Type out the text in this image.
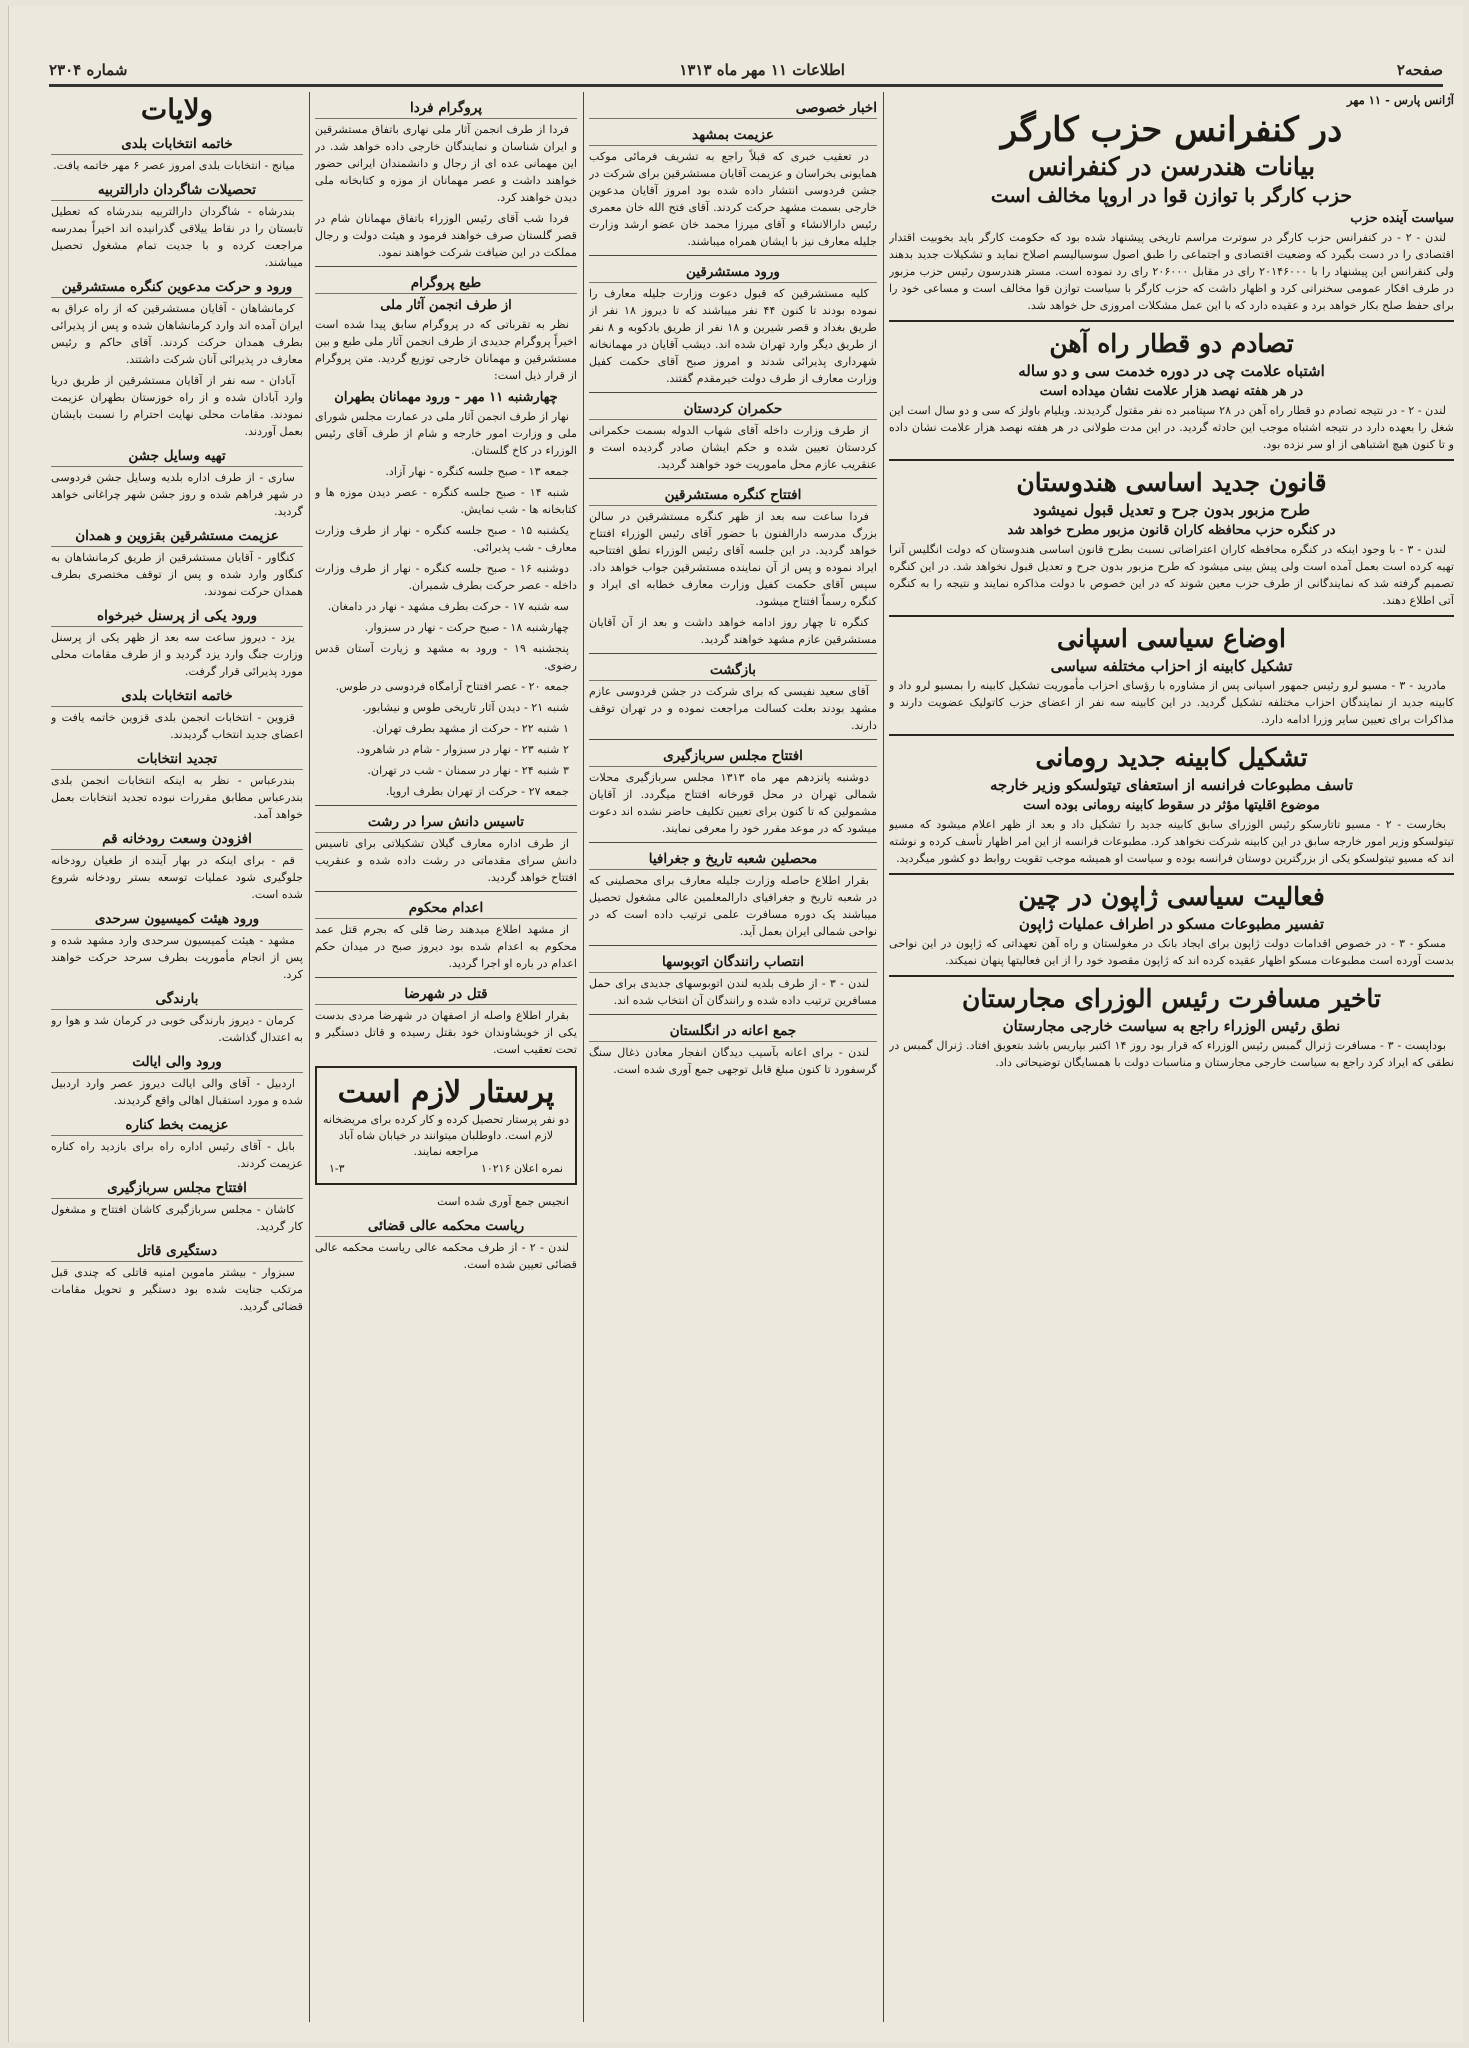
صفحه۲
اطلاعات ۱۱ مهر ماه ۱۳۱۳
شماره ۲۳۰۴
آژانس پارس - ۱۱ مهر
در کنفرانس حزب کارگر
بیانات هندرسن در کنفرانس
حزب کارگر با توازن قوا در اروپا مخالف است
سیاست آینده حزب

لندن - ۲ - در کنفرانس حزب کارگر در سوترت مراسم تاریخی پیشنهاد شده بود که حکومت کارگر باید بخوبیت اقتدار اقتصادی را در دست بگیرد که وضعیت اقتصادی و اجتماعی را طبق اصول سوسیالیسم اصلاح نماید و تشکیلات جدید بدهند ولی کنفرانس این پیشنهاد را با ۲۰۱۴۶۰۰۰ رای در مقابل ۲۰۶۰۰۰ رای رد نموده است. مستر هندرسون رئیس حزب مزبور در طرف افکار عمومی سخنرانی کرد و اظهار داشت که حزب کارگر با سیاست توازن قوا مخالف است و مساعی خود را برای حفظ صلح بکار خواهد برد و عقیده دارد که با این عمل مشکلات امروزی حل خواهد شد.

تصادم دو قطار راه آهن
اشتباه علامت چی در دوره خدمت سی و دو ساله
در هر هفته نهصد هزار علامت نشان میداده است

لندن - ۲ - در نتیجه تصادم دو قطار راه آهن در ۲۸ سپتامبر ده نفر مقتول گردیدند. ویلیام باولز که سی و دو سال است این شغل را بعهده دارد در نتیجه اشتباه موجب این حادثه گردید. در این مدت طولانی در هر هفته نهصد هزار علامت نشان داده و تا کنون هیچ اشتباهی از او سر نزده بود.

قانون جدید اساسی هندوستان
طرح مزبور بدون جرح و تعدیل قبول نمیشود
در کنگره حزب محافظه کاران قانون مزبور مطرح خواهد شد

لندن - ۳ - با وجود اینکه در کنگره محافظه کاران اعتراضاتی نسبت بطرح قانون اساسی هندوستان که دولت انگلیس آنرا تهیه کرده است بعمل آمده است ولی پیش بینی میشود که طرح مزبور بدون جرح و تعدیل قبول نخواهد شد. در این کنگره تصمیم گرفته شد که نمایندگانی از طرف حزب معین شوند که در این خصوص با دولت مذاکره نمایند و نتیجه را به کنگره آتی اطلاع دهند.

اوضاع سیاسی اسپانی
تشکیل کابینه از احزاب مختلفه سیاسی

مادرید - ۳ - مسیو لرو رئیس جمهور اسپانی پس از مشاوره با رؤسای احزاب مأموریت تشکیل کابینه را بمسیو لرو داد و کابینه جدید از نمایندگان احزاب مختلفه تشکیل گردید. در این کابینه سه نفر از اعضای حزب کاتولیک عضویت دارند و مذاکرات برای تعیین سایر وزرا ادامه دارد.

تشکیل کابینه جدید رومانی
تاسف مطبوعات فرانسه از استعفای تیتولسکو وزیر خارجه
موضوع اقلیتها مؤثر در سقوط کابینه رومانی بوده است

بخارست - ۲ - مسیو تاتارسکو رئیس الوزرای سابق کابینه جدید را تشکیل داد و بعد از ظهر اعلام میشود که مسیو تیتولسکو وزیر امور خارجه سابق در این کابینه شرکت نخواهد کرد. مطبوعات فرانسه از این امر اظهار تأسف کرده و نوشته اند که مسیو تیتولسکو یکی از بزرگترین دوستان فرانسه بوده و سیاست او همیشه موجب تقویت روابط دو کشور میگردید.

فعالیت سیاسی ژاپون در چین
تفسیر مطبوعات مسکو در اطراف عملیات ژاپون

مسکو - ۳ - در خصوص اقدامات دولت ژاپون برای ایجاد بانک در مغولستان و راه آهن تعهداتی که ژاپون در این نواحی بدست آورده است مطبوعات مسکو اظهار عقیده کرده اند که ژاپون مقصود خود را از این فعالیتها پنهان نمیکند.

تاخیر مسافرت رئیس الوزرای مجارستان
نطق رئیس الوزراء راجع به سیاست خارجی مجارستان

بوداپست - ۳ - مسافرت ژنرال گمبس رئیس الوزراء که قرار بود روز ۱۴ اکتبر بپاریس باشد بتعویق افتاد. ژنرال گمبس در نطقی که ایراد کرد راجع به سیاست خارجی مجارستان و مناسبات دولت با همسایگان توضیحاتی داد.

اخبار خصوصی
عزیمت بمشهد

در تعقیب خبری که قبلاً راجع به تشریف فرمائی موکب همایونی بخراسان و عزیمت آقایان مستشرقین برای شرکت در جشن فردوسی انتشار داده شده بود امروز آقایان مدعوین خارجی بسمت مشهد حرکت کردند. آقای فتح الله خان معمری رئیس دارالانشاء و آقای میرزا محمد خان عضو ارشد وزارت جلیله معارف نیز با ایشان همراه میباشند.

ورود مستشرقین

کلیه مستشرقین که قبول دعوت وزارت جلیله معارف را نموده بودند تا کنون ۴۴ نفر میباشند که تا دیروز ۱۸ نفر از طریق بغداد و قصر شیرین و ۱۸ نفر از طریق بادکوبه و ۸ نفر از طریق دیگر وارد تهران شده اند. دیشب آقایان در مهمانخانه شهرداری پذیرائی شدند و امروز صبح آقای حکمت کفیل وزارت معارف از طرف دولت خیرمقدم گفتند.

حکمران کردستان

از طرف وزارت داخله آقای شهاب الدوله بسمت حکمرانی کردستان تعیین شده و حکم ایشان صادر گردیده است و عنقریب عازم محل ماموریت خود خواهند گردید.

افتتاح کنگره مستشرقین

فردا ساعت سه بعد از ظهر کنگره مستشرقین در سالن بزرگ مدرسه دارالفنون با حضور آقای رئیس الوزراء افتتاح خواهد گردید. در این جلسه آقای رئیس الوزراء نطق افتتاحیه ایراد نموده و پس از آن نماینده مستشرقین جواب خواهد داد. سپس آقای حکمت کفیل وزارت معارف خطابه ای ایراد و کنگره رسماً افتتاح میشود.

کنگره تا چهار روز ادامه خواهد داشت و بعد از آن آقایان مستشرقین عازم مشهد خواهند گردید.

بازگشت

آقای سعید نفیسی که برای شرکت در جشن فردوسی عازم مشهد بودند بعلت کسالت مراجعت نموده و در تهران توقف دارند.

افتتاح مجلس سربازگیری

دوشنبه پانزدهم مهر ماه ۱۳۱۳ مجلس سربازگیری محلات شمالی تهران در محل قورخانه افتتاح میگردد. از آقایان مشمولین که تا کنون برای تعیین تکلیف حاضر نشده اند دعوت میشود که در موعد مقرر خود را معرفی نمایند.

محصلین شعبه تاریخ و جغرافیا

بقرار اطلاع حاصله وزارت جلیله معارف برای محصلینی که در شعبه تاریخ و جغرافیای دارالمعلمین عالی مشغول تحصیل میباشند یک دوره مسافرت علمی ترتیب داده است که در نواحی شمالی ایران بعمل آید.

انتصاب رانندگان اتوبوسها

لندن - ۳ - از طرف بلدیه لندن اتوبوسهای جدیدی برای حمل مسافرین ترتیب داده شده و رانندگان آن انتخاب شده اند.

جمع اعانه در انگلستان

لندن - برای اعانه بآسیب دیدگان انفجار معادن ذغال سنگ گرسفورد تا کنون مبلغ قابل توجهی جمع آوری شده است.

پروگرام فردا

فردا از طرف انجمن آثار ملی نهاری باتفاق مستشرقین و ایران شناسان و نمایندگان خارجی داده خواهد شد. در این مهمانی عده ای از رجال و دانشمندان ایرانی حضور خواهند داشت و عصر مهمانان از موزه و کتابخانه ملی دیدن خواهند کرد.

فردا شب آقای رئیس الوزراء باتفاق مهمانان شام در قصر گلستان صرف خواهند فرمود و هیئت دولت و رجال مملکت در این ضیافت شرکت خواهند نمود.

طبع پروگرام
از طرف انجمن آثار ملی

نظر به تقرباتی که در پروگرام سابق پیدا شده است اخیراً پروگرام جدیدی از طرف انجمن آثار ملی طبع و بین مستشرقین و مهمانان خارجی توزیع گردید. متن پروگرام از قرار ذیل است:

چهارشنبه ۱۱ مهر - ورود مهمانان بطهران

نهار از طرف انجمن آثار ملی در عمارت مجلس شورای ملی و وزارت امور خارجه و شام از طرف آقای رئیس الوزراء در کاخ گلستان.

جمعه ۱۳ - صبح جلسه کنگره - نهار آزاد.

شنبه ۱۴ - صبح جلسه کنگره - عصر دیدن موزه ها و کتابخانه ها - شب نمایش.

یکشنبه ۱۵ - صبح جلسه کنگره - نهار از طرف وزارت معارف - شب پذیرائی.

دوشنبه ۱۶ - صبح جلسه کنگره - نهار از طرف وزارت داخله - عصر حرکت بطرف شمیران.

سه شنبه ۱۷ - حرکت بطرف مشهد - نهار در دامغان.

چهارشنبه ۱۸ - صبح حرکت - نهار در سبزوار.

پنجشنبه ۱۹ - ورود به مشهد و زیارت آستان قدس رضوی.

جمعه ۲۰ - عصر افتتاح آرامگاه فردوسی در طوس.

شنبه ۲۱ - دیدن آثار تاریخی طوس و نیشابور.

۱ شنبه ۲۲ - حرکت از مشهد بطرف تهران.

۲ شنبه ۲۳ - نهار در سبزوار - شام در شاهرود.

۳ شنبه ۲۴ - نهار در سمنان - شب در تهران.

جمعه ۲۷ - حرکت از تهران بطرف اروپا.

تاسیس دانش سرا در رشت

از طرف اداره معارف گیلان تشکیلاتی برای تاسیس دانش سرای مقدماتی در رشت داده شده و عنقریب افتتاح خواهد گردید.

اعدام محکوم

از مشهد اطلاع میدهند رضا قلی که بجرم قتل عمد محکوم به اعدام شده بود دیروز صبح در میدان حکم اعدام در باره او اجرا گردید.

قتل در شهرضا

بقرار اطلاع واصله از اصفهان در شهرضا مردی بدست یکی از خویشاوندان خود بقتل رسیده و قاتل دستگیر و تحت تعقیب است.

پرستار لازم است
دو نفر پرستار تحصیل کرده و کار کرده برای مریضخانه لازم است. داوطلبان میتوانند در خیابان شاه آباد مراجعه نمایند.
نمره اعلان ۱۰۲۱۶
۱-۳

انجیس جمع آوری شده است

ریاست محکمه عالی قضائی

لندن - ۲ - از طرف محکمه عالی ریاست محکمه عالی قضائی تعیین شده است.

ولایات
خاتمه انتخابات بلدی

میانج - انتخابات بلدی امروز عصر ۶ مهر خاتمه یافت.

تحصیلات شاگردان دارالتربیه

بندرشاه - شاگردان دارالتربیه بندرشاه که تعطیل تابستان را در نقاط ییلاقی گذرانیده اند اخیراً بمدرسه مراجعت کرده و با جدیت تمام مشغول تحصیل میباشند.

ورود و حرکت مدعوین کنگره مستشرقین

کرمانشاهان - آقایان مستشرقین که از راه عراق به ایران آمده اند وارد کرمانشاهان شده و پس از پذیرائی بطرف همدان حرکت کردند. آقای حاکم و رئیس معارف در پذیرائی آنان شرکت داشتند.

آبادان - سه نفر از آقایان مستشرقین از طریق دریا وارد آبادان شده و از راه خوزستان بطهران عزیمت نمودند. مقامات محلی نهایت احترام را نسبت بایشان بعمل آوردند.

تهیه وسایل جشن

ساری - از طرف اداره بلدیه وسایل جشن فردوسی در شهر فراهم شده و روز جشن شهر چراغانی خواهد گردید.

عزیمت مستشرقین بقزوین و همدان

کنگاور - آقایان مستشرقین از طریق کرمانشاهان به کنگاور وارد شده و پس از توقف مختصری بطرف همدان حرکت نمودند.

ورود یکی از پرسنل خبرخواه

یزد - دیروز ساعت سه بعد از ظهر یکی از پرسنل وزارت جنگ وارد یزد گردید و از طرف مقامات محلی مورد پذیرائی قرار گرفت.

خاتمه انتخابات بلدی

قزوین - انتخابات انجمن بلدی قزوین خاتمه یافت و اعضای جدید انتخاب گردیدند.

تجدید انتخابات

بندرعباس - نظر به اینکه انتخابات انجمن بلدی بندرعباس مطابق مقررات نبوده تجدید انتخابات بعمل خواهد آمد.

افزودن وسعت رودخانه قم

قم - برای اینکه در بهار آینده از طغیان رودخانه جلوگیری شود عملیات توسعه بستر رودخانه شروع شده است.

ورود هیئت کمیسیون سرحدی

مشهد - هیئت کمیسیون سرحدی وارد مشهد شده و پس از انجام مأموریت بطرف سرحد حرکت خواهند کرد.

بارندگی

کرمان - دیروز بارندگی خوبی در کرمان شد و هوا رو به اعتدال گذاشت.

ورود والی ایالت

اردبیل - آقای والی ایالت دیروز عصر وارد اردبیل شده و مورد استقبال اهالی واقع گردیدند.

عزیمت بخط کناره

بابل - آقای رئیس اداره راه برای بازدید راه کناره عزیمت کردند.

افتتاح مجلس سربازگیری

کاشان - مجلس سربازگیری کاشان افتتاح و مشغول کار گردید.

دستگیری قاتل

سبزوار - بیشتر ماموین امنیه قاتلی که چندی قبل مرتکب جنایت شده بود دستگیر و تحویل مقامات قضائی گردید.
